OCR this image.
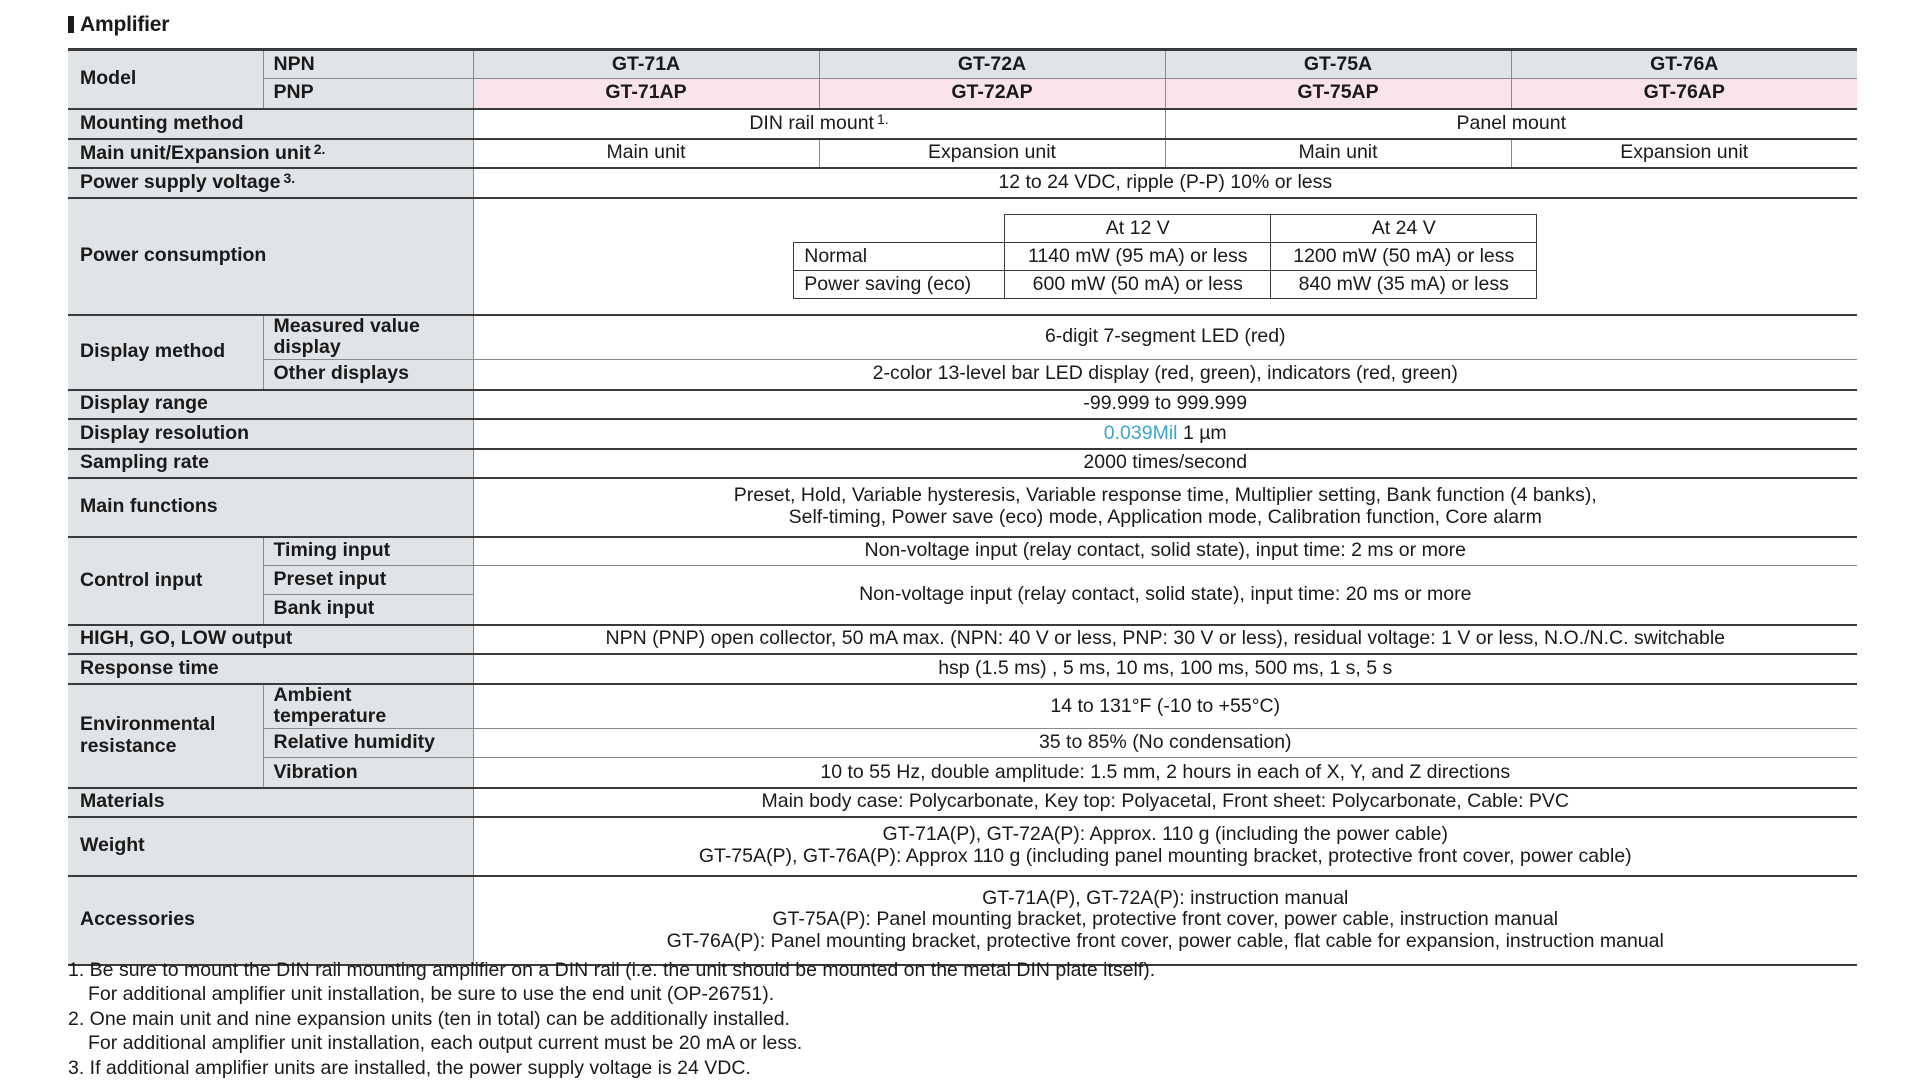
Amplifier
Model	NPN	GT-71A	GT-72A	GT-75A	GT-76A
PNP	GT-71AP	GT-72AP	GT-75AP	GT-76AP
Mounting method	DIN rail mount $^{1.}$	Panel mount
Main unit/Expansion unit $^{2.}$	Main unit	Expansion unit	Main unit	Expansion unit
Power supply voltage $^{3.}$	12 to 24 VDC, ripple (P-P) 10% or less
Power consumption	
	At 12 V	At 24 V
Normal	1140 mW (95 mA) or less	1200 mW (50 mA) or less
Power saving (eco)	600 mW (50 mA) or less	840 mW (35 mA) or less

Display method	Measured value display	6-digit 7-segment LED (red)
Other displays	2-color 13-level bar LED display (red, green), indicators (red, green)
Display range	-99.999 to 999.999
Display resolution	0.039Mil 1 µm
Sampling rate	2000 times/second
Main functions	Preset, Hold, Variable hysteresis, Variable response time, Multiplier setting, Bank function (4 banks),
Self-timing, Power save (eco) mode, Application mode, Calibration function, Core alarm

Control input	Timing input	Non-voltage input (relay contact, solid state), input time: 2 ms or more
Preset input	Non-voltage input (relay contact, solid state), input time: 20 ms or more
Bank input
HIGH, GO, LOW output	NPN (PNP) open collector, 50 mA max. (NPN: 40 V or less, PNP: 30 V or less), residual voltage: 1 V or less, N.O./N.C. switchable
Response time	hsp (1.5 ms) , 5 ms, 10 ms, 100 ms, 500 ms, 1 s, 5 s

Environmental
resistance
	Ambient temperature	14 to 131°F (-10 to +55°C)
Relative humidity	35 to 85% (No condensation)
Vibration	10 to 55 Hz, double amplitude: 1.5 mm, 2 hours in each of X, Y, and Z directions
Materials	Main body case: Polycarbonate, Key top: Polyacetal, Front sheet: Polycarbonate, Cable: PVC
Weight	GT-71A(P), GT-72A(P): Approx. 110 g (including the power cable)
GT-75A(P), GT-76A(P): Approx 110 g (including panel mounting bracket, protective front cover, power cable)

Accessories	
GT-71A(P), GT-72A(P): instruction manual
GT-75A(P): Panel mounting bracket, protective front cover, power cable, instruction manual
GT-76A(P): Panel mounting bracket, protective front cover, power cable, flat cable for expansion, instruction manual
1. Be sure to mount the DIN rail mounting amplifier on a DIN rail (i.e. the unit should be mounted on the metal DIN plate itself).
For additional amplifier unit installation, be sure to use the end unit (OP-26751).
2. One main unit and nine expansion units (ten in total) can be additionally installed.
For additional amplifier unit installation, each output current must be 20 mA or less.
3. If additional amplifier units are installed, the power supply voltage is 24 VDC.
